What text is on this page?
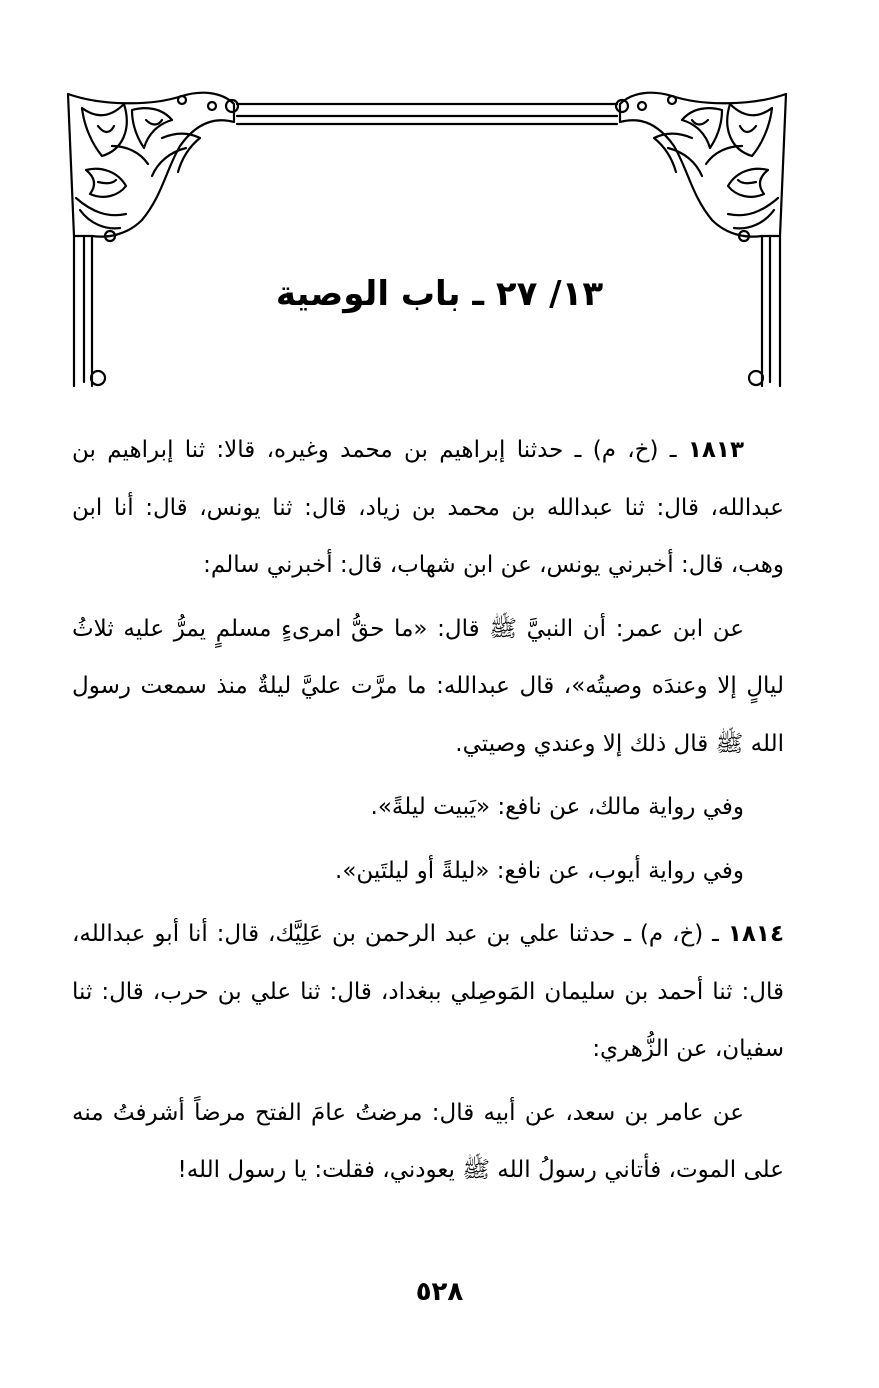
١٣/ ٢٧ ـ باب الوصية

١٨١٣ ـ (خ، م) ـ حدثنا إبراهيم بن محمد وغيره، قالا: ثنا إبراهيم بن عبدالله، قال: ثنا عبدالله بن محمد بن زياد، قال: ثنا يونس، قال: أنا ابن وهب، قال: أخبرني يونس، عن ابن شهاب، قال: أخبرني سالم:

عن ابن عمر: أن النبيَّ ﷺ قال: «ما حقُّ امرىءٍ مسلمٍ يمرُّ عليه ثلاثُ ليالٍ إلا وعندَه وصيتُه»، قال عبدالله: ما مرَّت عليَّ ليلةٌ منذ سمعت رسول الله ﷺ قال ذلك إلا وعندي وصيتي.

وفي رواية مالك، عن نافع: «يَبيت ليلةً».

وفي رواية أيوب، عن نافع: «ليلةً أو ليلتَين».

١٨١٤ ـ (خ، م) ـ حدثنا علي بن عبد الرحمن بن عَلِيَّك، قال: أنا أبو عبدالله، قال: ثنا أحمد بن سليمان المَوصِلي ببغداد، قال: ثنا علي بن حرب، قال: ثنا سفيان، عن الزُّهري:

عن عامر بن سعد، عن أبيه قال: مرضتُ عامَ الفتح مرضاً أشرفتُ منه على الموت، فأتاني رسولُ الله ﷺ يعودني، فقلت: يا رسول الله!

٥٢٨
